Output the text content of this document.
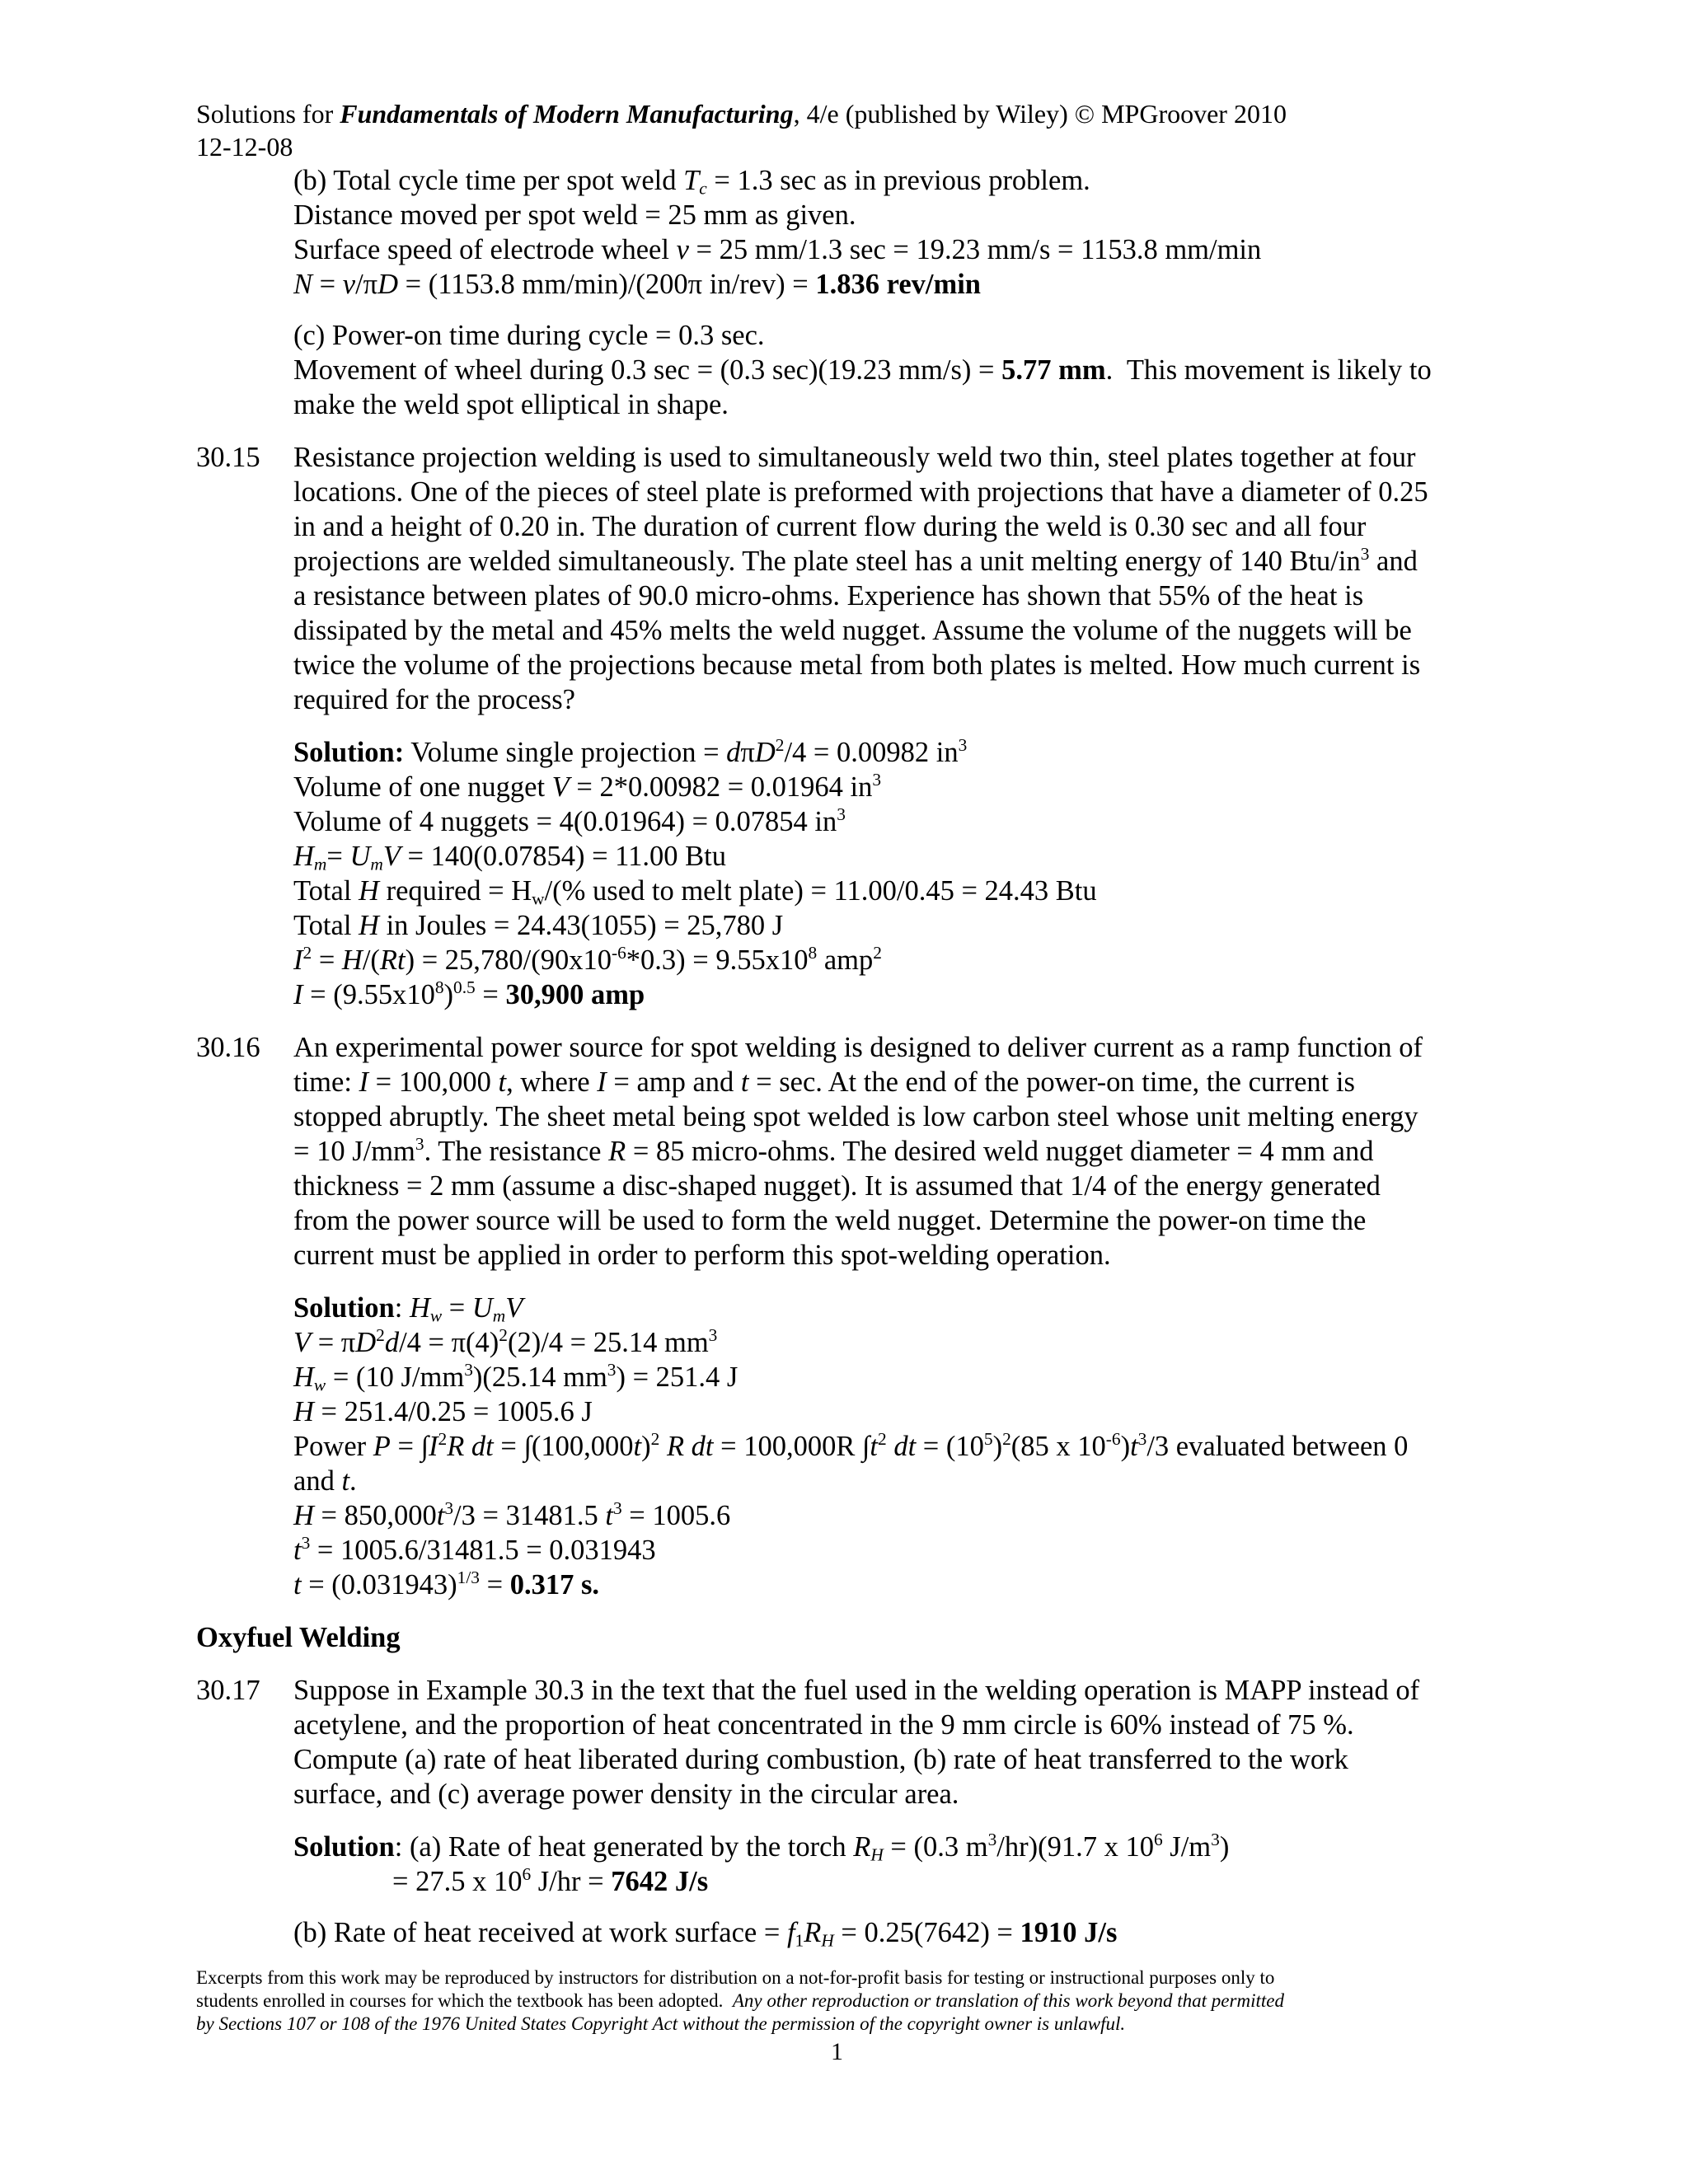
Solutions for Fundamentals of Modern Manufacturing, 4/e (published by Wiley) © MPGroover 2010
12-12-08
(b) Total cycle time per spot weld $T_c = 1.3$ sec as in previous problem.
Distance moved per spot weld = 25 mm as given.
Surface speed of electrode wheel v = 25 mm/1.3 sec = 19.23 mm/s = 1153.8 mm/min
N = v/πD = (1153.8 mm/min)/(200π in/rev) = 1.836 rev/min
(c) Power-on time during cycle = 0.3 sec.
Movement of wheel during 0.3 sec = (0.3 sec)(19.23 mm/s) = 5.77 mm.  This movement is likely to
make the weld spot elliptical in shape.
30.15 Resistance projection welding is used to simultaneously weld two thin, steel plates together at four
locations. One of the pieces of steel plate is preformed with projections that have a diameter of 0.25
in and a height of 0.20 in. The duration of current flow during the weld is 0.30 sec and all four
projections are welded simultaneously. The plate steel has a unit melting energy of 140 Btu/$in^3$ and
a resistance between plates of 90.0 micro-ohms. Experience has shown that 55% of the heat is
dissipated by the metal and 45% melts the weld nugget. Assume the volume of the nuggets will be
twice the volume of the projections because metal from both plates is melted. How much current is
required for the process?
Solution: Volume single projection = dπD$^2$/4 = 0.00982 $in^3$
Volume of one nugget V = 2*0.00982 = 0.01964 $in^3$
Volume of 4 nuggets = 4(0.01964) = 0.07854 $in^3$
$H_m= U_mV = 140(0.07854) = 11.00$ Btu
Total H required = $H_w/(\%$ used to melt plate) = 11.00/0.45 = 24.43 Btu
Total H in Joules = 24.43(1055) = 25,780 J
$I^2 = H/(Rt) = 25,780/(90x10^{-6}*0.3) = 9.55x10^8$ amp$^2$
$I = (9.55x10^8)^{0.5} = 30,900$ amp
30.16 An experimental power source for spot welding is designed to deliver current as a ramp function of
time: I = 100,000 t, where I = amp and t = sec. At the end of the power-on time, the current is
stopped abruptly. The sheet metal being spot welded is low carbon steel whose unit melting energy
= 10 $J/mm^3$. The resistance R = 85 micro-ohms. The desired weld nugget diameter = 4 mm and
thickness = 2 mm (assume a disc-shaped nugget). It is assumed that 1/4 of the energy generated
from the power source will be used to form the weld nugget. Determine the power-on time the
current must be applied in order to perform this spot-welding operation.
Solution: $H_w = U_mV$
$V = \pi D^2d/4 = \pi(4)^2(2)/4 = 25.14$ $mm^3$
$H_w = (10$ $J/mm^3)(25.14$ $mm^3) = 251.4$ J
H = 251.4/0.25 = 1005.6 J
Power $P = \int I^2R$ dt = $\int(100,000t)^2$ R dt = 100,000R $\int t^2$ dt = $(10^5)^2(85$ x $10^{-6})t^3/3$ evaluated between 0
and t.
$H = 850,000t^3/3 = 31481.5$ $t^3 = 1005.6$
$t^3 = 1005.6/31481.5 = 0.031943$
$t = (0.031943)^{1/3} = 0.317$ s.
Oxyfuel Welding
30.17 Suppose in Example 30.3 in the text that the fuel used in the welding operation is MAPP instead of
acetylene, and the proportion of heat concentrated in the 9 mm circle is 60% instead of 75 %.
Compute (a) rate of heat liberated during combustion, (b) rate of heat transferred to the work
surface, and (c) average power density in the circular area.
Solution: (a) Rate of heat generated by the torch $R_H = (0.3$ $m^3/hr)(91.7$ x $10^6$ $J/m^3$)
= 27.5 x $10^6$ J/hr = 7642 J/s
(b) Rate of heat received at work surface = $f_1R_H = 0.25(7642) = 1910$ J/s
Excerpts from this work may be reproduced by instructors for distribution on a not-for-profit basis for testing or instructional purposes only to
students enrolled in courses for which the textbook has been adopted. Any other reproduction or translation of this work beyond that permitted
by Sections 107 or 108 of the 1976 United States Copyright Act without the permission of the copyright owner is unlawful.
1
